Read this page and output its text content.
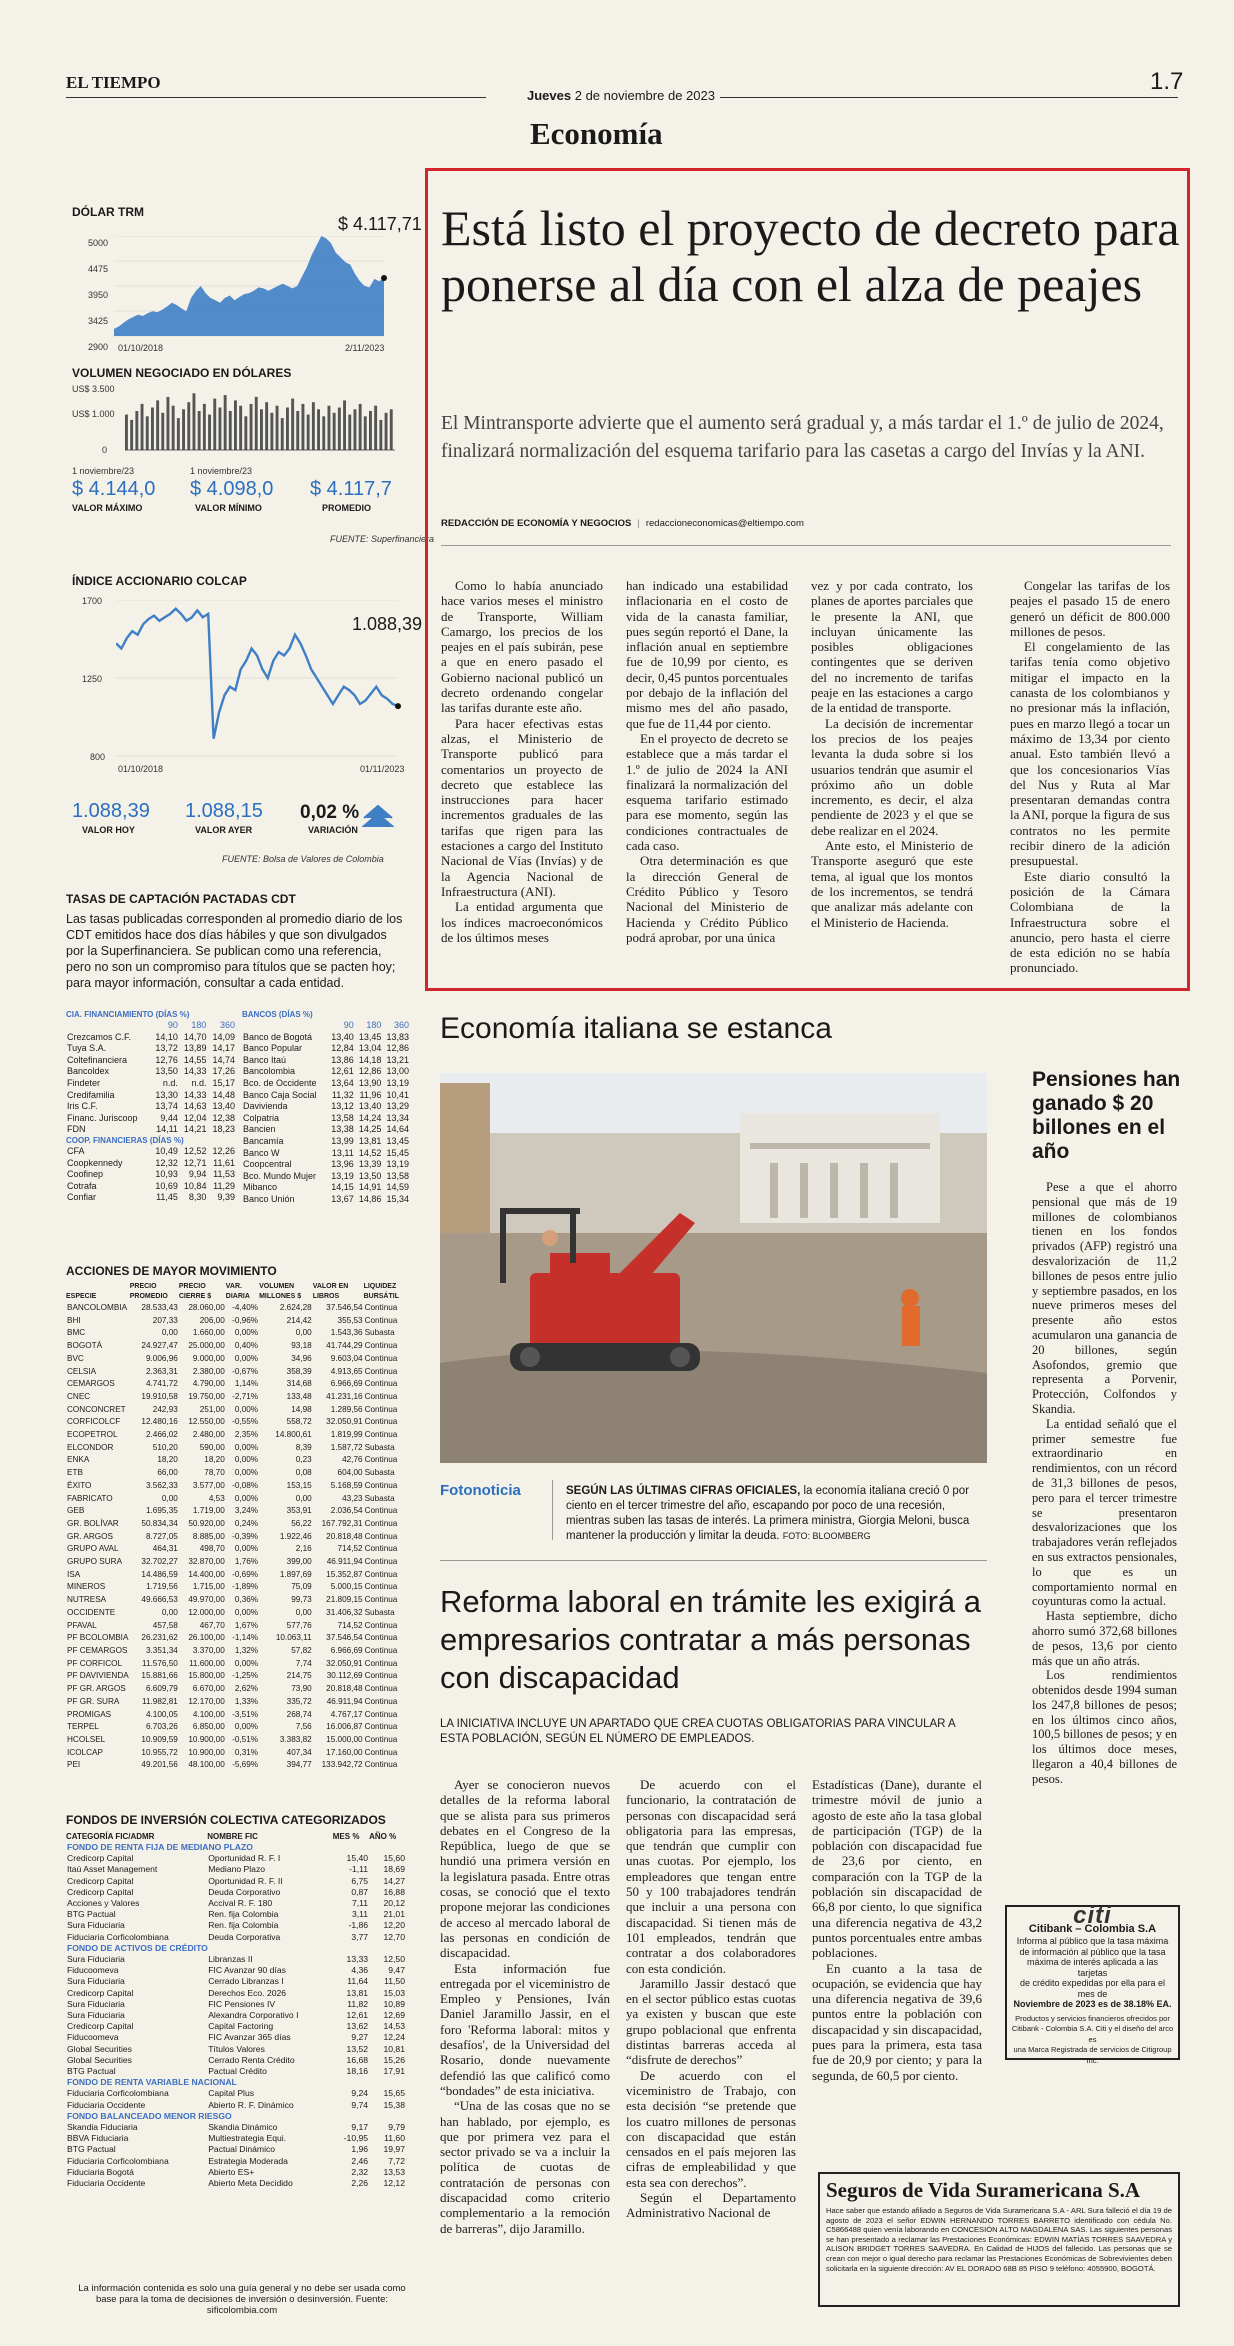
EL TIEMPO
Jueves 2 de noviembre de 2023
1.7
Economía
DÓLAR TRM
5000
4475
3950
3425
2900
$ 4.117,71
01/10/2018	2/11/2023
VOLUMEN NEGOCIADO EN DÓLARES
US$ 3.500
US$ 1.000
0
1 noviembre/23
$ 4.144,0
VALOR MÁXIMO
1 noviembre/23
$ 4.098,0
VALOR MÍNIMO
$ 4.117,7
PROMEDIO
FUENTE: Superfinanciera
ÍNDICE ACCIONARIO COLCAP
1700
1250
800
1.088,39
01/10/2018	01/11/2023
1.088,39
VALOR HOY
1.088,15
VALOR AYER
0,02 %
VARIACIÓN
FUENTE: Bolsa de Valores de Colombia
TASAS DE CAPTACIÓN PACTADAS CDT
Las tasas publicadas corresponden al promedio diario de los CDT emitidos hace dos días hábiles y que son divulgados por la Superfinanciera. Se publican como una referencia, pero no son un compromiso para títulos que se pacten hoy; para mayor información, consultar a cada entidad.
CIA. FINANCIAMIENTO (DÍAS %)			
	90	180	360
Crezcamos C.F.	14,10	14,70	14,09
Tuya S.A.	13,72	13,89	14,17
Coltefinanciera	12,76	14,55	14,74
Bancoldex	13,50	14,33	17,26
Findeter	n.d.	n.d.	15,17
Credifamilia	13,30	14,33	14,48
Iris C.F.	13,74	14,63	13,40
Financ. Juriscoop	9,44	12,04	12,38
FDN	14,11	14,21	18,23
COOP. FINANCIERAS (DÍAS %)			
CFA	10,49	12,52	12,26
Coopkennedy	12,32	12,71	11,61
Coofinep	10,93	9,94	11,53
Cotrafa	10,69	10,84	11,29
Confiar	11,45	8,30	9,39
BANCOS (DÍAS %)			
	90	180	360
Banco de Bogotá	13,40	13,45	13,83
Banco Popular	12,84	13,04	12,86
Banco Itaú	13,86	14,18	13,21
Bancolombia	12,61	12,86	13,00
Bco. de Occidente	13,64	13,90	13,19
Banco Caja Social	11,32	11,96	10,41
Davivienda	13,12	13,40	13,29
Colpatria	13,58	14,24	13,34
Bancien	13,38	14,25	14,64
Bancamía	13,99	13,81	13,45
Banco W	13,11	14,52	15,45
Coopcentral	13,96	13,39	13,19
Bco. Mundo Mujer	13,19	13,50	13,58
Mibanco	14,15	14,91	14,59
Banco Unión	13,67	14,86	15,34
ACCIONES DE MAYOR MOVIMIENTO
ESPECIE	PRECIO PROMEDIO	PRECIO CIERRE $	VAR. DIARIA	VOLUMEN MILLONES $	VALOR EN LIBROS	LIQUIDEZ BURSÁTIL
BANCOLOMBIA	28.533,43	28.060,00	-4,40%	2.624,28	37.546,54	Continua
BHI	207,33	206,00	-0,96%	214,42	355,53	Continua
BMC	0,00	1.660,00	0,00%	0,00	1.543,36	Subasta
BOGOTÁ	24.927,47	25.000,00	0,40%	93,18	41.744,29	Continua
BVC	9.006,96	9.000,00	0,00%	34,96	9.603,04	Continua
CELSIA	2.363,31	2.380,00	-0,67%	358,39	4.913,65	Continua
CEMARGOS	4.741,72	4.790,00	1,14%	314,68	6.966,69	Continua
CNEC	19.910,58	19.750,00	-2,71%	133,48	41.231,16	Continua
CONCONCRET	242,93	251,00	0,00%	14,98	1.289,56	Continua
CORFICOLCF	12.480,16	12.550,00	-0,55%	558,72	32.050,91	Continua
ECOPETROL	2.466,02	2.480,00	2,35%	14.800,61	1.819,99	Continua
ELCONDOR	510,20	590,00	0,00%	8,39	1.587,72	Subasta
ENKA	18,20	18,20	0,00%	0,23	42,76	Continua
ETB	66,00	78,70	0,00%	0,08	604,00	Subasta
ÉXITO	3.562,33	3.577,00	-0,08%	153,15	5.168,59	Continua
FABRICATO	0,00	4,53	0,00%	0,00	43,23	Subasta
GEB	1.695,35	1.719,00	3,24%	353,91	2.036,54	Continua
GR. BOLÍVAR	50.834,34	50.920,00	0,24%	56,22	167.792,31	Continua
GR. ARGOS	8.727,05	8.885,00	-0,39%	1.922,46	20.818,48	Continua
GRUPO AVAL	464,31	498,70	0,00%	2,16	714,52	Continua
GRUPO SURA	32.702,27	32.870,00	1,76%	399,00	46.911,94	Continua
ISA	14.486,59	14.400,00	-0,69%	1.897,69	15.352,87	Continua
MINEROS	1.719,56	1.715,00	-1,89%	75,09	5.000,15	Continua
NUTRESA	49.666,53	49.970,00	0,36%	99,73	21.809,15	Continua
OCCIDENTE	0,00	12.000,00	0,00%	0,00	31.406,32	Subasta
PFAVAL	457,58	467,70	1,67%	577,76	714,52	Continua
PF BCOLOMBIA	26.231,62	26.100,00	-1,14%	10.063,11	37.546,54	Continua
PF CEMARGOS	3.351,34	3.370,00	1,32%	57,82	6.966,69	Continua
PF CORFICOL	11.576,50	11.600,00	0,00%	7,74	32.050,91	Continua
PF DAVIVIENDA	15.881,66	15.800,00	-1,25%	214,75	30.112,69	Continua
PF GR. ARGOS	6.609,79	6.670,00	2,62%	73,90	20.818,48	Continua
PF GR. SURA	11.982,81	12.170,00	1,33%	335,72	46.911,94	Continua
PROMIGAS	4.100,05	4.100,00	-3,51%	268,74	4.767,17	Continua
TERPEL	6.703,26	6.850,00	0,00%	7,56	16.006,87	Continua
HCOLSEL	10.909,59	10.900,00	-0,51%	3.383,82	15.000,00	Continua
ICOLCAP	10.955,72	10.900,00	0,31%	407,34	17.160,00	Continua
PEI	49.201,56	48.100,00	-5,69%	394,77	133.942,72	Continua
FONDOS DE INVERSIÓN COLECTIVA CATEGORIZADOS
CATEGORÍA FIC/ADMR	NOMBRE FIC	MES %	AÑO %
FONDO DE RENTA FIJA DE MEDIANO PLAZO			
Credicorp Capital	Oportunidad R. F. I	15,40	15,60
Itaú Asset Management	Mediano Plazo	-1,11	18,69
Credicorp Capital	Oportunidad R. F. II	6,75	14,27
Credicorp Capital	Deuda Corporativo	0,87	16,88
Acciones y Valores	Accival R. F. 180	7,11	20,12
BTG Pactual	Ren. fija Colombia	3,11	21,01
Sura Fiduciaria	Ren. fija Colombia	-1,86	12,20
Fiduciaria Corficolombiana	Deuda Corporativa	3,77	12,70
FONDO DE ACTIVOS DE CRÉDITO			
Sura Fiduciaria	Libranzas II	13,33	12,50
Fiducoomeva	FIC Avanzar 90 días	4,36	9,47
Sura Fiduciaria	Cerrado Libranzas I	11,64	11,50
Credicorp Capital	Derechos Eco. 2026	13,81	15,03
Sura Fiduciaria	FIC Pensiones IV	11,82	10,89
Sura Fiduciaria	Alexandra Corporativo I	12,61	12,69
Credicorp Capital	Capital Factoring	13,62	14,53
Fiducoomeva	FIC Avanzar 365 días	9,27	12,24
Global Securities	Títulos Valores	13,52	10,81
Global Securities	Cerrado Renta Crédito	16,68	15,26
BTG Pactual	Pactual Crédito	18,16	17,91
FONDO DE RENTA VARIABLE NACIONAL			
Fiduciaria Corficolombiana	Capital Plus	9,24	15,65
Fiduciaria Occidente	Abierto R. F. Dinámico	9,74	15,38
FONDO BALANCEADO MENOR RIESGO			
Skandia Fiduciaria	Skandia Dinámico	9,17	9,79
BBVA Fiduciaria	Multiestrategia Equi.	-10,95	11,60
BTG Pactual	Pactual Dinámico	1,96	19,97
Fiduciaria Corficolombiana	Estrategia Moderada	2,46	7,72
Fiduciaria Bogotá	Abierto ES+	2,32	13,53
Fiduciaria Occidente	Abierto Meta Decidido	2,26	12,12
La información contenida es solo una guía general y no debe ser usada como base para la toma de decisiones de inversión o desinversión. Fuente: sificolombia.com
Está listo el proyecto de decreto para ponerse al día con el alza de peajes
El Mintransporte advierte que el aumento será gradual y, a más tardar el 1.º de julio de 2024, finalizará normalización del esquema tarifario para las casetas a cargo del Invías y la ANI.
REDACCIÓN DE ECONOMÍA Y NEGOCIOS | redaccioneconomicas@eltiempo.com
Como lo había anunciado hace varios meses el ministro de Transporte, William Camargo, los precios de los peajes en el país subirán, pese a que en enero pasado el Gobierno nacional publicó un decreto ordenando congelar las tarifas durante este año.
Para hacer efectivas estas alzas, el Ministerio de Transporte publicó para comentarios un proyecto de decreto que establece las instrucciones para hacer incrementos graduales de las tarifas que rigen para las estaciones a cargo del Instituto Nacional de Vías (Invías) y de la Agencia Nacional de Infraestructura (ANI).
La entidad argumenta que los índices macroeconómicos de los últimos meses
han indicado una estabilidad inflacionaria en el costo de vida de la canasta familiar, pues según reportó el Dane, la inflación anual en septiembre fue de 10,99 por ciento, es decir, 0,45 puntos porcentuales por debajo de la inflación del mismo mes del año pasado, que fue de 11,44 por ciento.
En el proyecto de decreto se establece que a más tardar el 1.º de julio de 2024 la ANI finalizará la normalización del esquema tarifario estimado para ese momento, según las condiciones contractuales de cada caso.
Otra determinación es que la dirección General de Crédito Público y Tesoro Nacional del Ministerio de Hacienda y Crédito Público podrá aprobar, por una única
vez y por cada contrato, los planes de aportes parciales que le presente la ANI, que incluyan únicamente las posibles obligaciones contingentes que se deriven del no incremento de tarifas peaje en las estaciones a cargo de la entidad de transporte.
La decisión de incrementar los precios de los peajes levanta la duda sobre si los usuarios tendrán que asumir el próximo año un doble incremento, es decir, el alza pendiente de 2023 y el que se debe realizar en el 2024.
Ante esto, el Ministerio de Transporte aseguró que este tema, al igual que los montos de los incrementos, se tendrá que analizar más adelante con el Ministerio de Hacienda.
Congelar las tarifas de los peajes el pasado 15 de enero generó un déficit de 800.000 millones de pesos.
El congelamiento de las tarifas tenía como objetivo mitigar el impacto en la canasta de los colombianos y no presionar más la inflación, pues en marzo llegó a tocar un máximo de 13,34 por ciento anual. Esto también llevó a que los concesionarios Vías del Nus y Ruta al Mar presentaran demandas contra la ANI, porque la figura de sus contratos no les permite recibir dinero de la adición presupuestal.
Este diario consultó la posición de la Cámara Colombiana de la Infraestructura sobre el anuncio, pero hasta el cierre de esta edición no se había pronunciado.
Economía italiana se estanca
Fotonoticia	SEGÚN LAS ÚLTIMAS CIFRAS OFICIALES, la economía italiana creció 0 por ciento en el tercer trimestre del año, escapando por poco de una recesión, mientras suben las tasas de interés. La primera ministra, Giorgia Meloni, busca mantener la producción y limitar la deuda. FOTO: BLOOMBERG
Reforma laboral en trámite les exigirá a empresarios contratar a más personas con discapacidad
LA INICIATIVA INCLUYE UN APARTADO QUE CREA CUOTAS OBLIGATORIAS PARA VINCULAR A ESTA POBLACIÓN, SEGÚN EL NÚMERO DE EMPLEADOS.
Ayer se conocieron nuevos detalles de la reforma laboral que se alista para sus primeros debates en el Congreso de la República, luego de que se hundió una primera versión en la legislatura pasada. Entre otras cosas, se conoció que el texto propone mejorar las condiciones de acceso al mercado laboral de las personas en condición de discapacidad.
Esta información fue entregada por el viceministro de Empleo y Pensiones, Iván Daniel Jaramillo Jassir, en el foro 'Reforma laboral: mitos y desafíos', de la Universidad del Rosario, donde nuevamente defendió las que calificó como “bondades” de esta iniciativa.
“Una de las cosas que no se han hablado, por ejemplo, es que por primera vez para el sector privado se va a incluir la política de cuotas de contratación de personas con discapacidad como criterio complementario a la remoción de barreras”, dijo Jaramillo.
De acuerdo con el funcionario, la contratación de personas con discapacidad será obligatoria para las empresas, que tendrán que cumplir con unas cuotas. Por ejemplo, los empleadores que tengan entre 50 y 100 trabajadores tendrán que incluir a una persona con discapacidad. Si tienen más de 101 empleados, tendrán que contratar a dos colaboradores con esta condición.
Jaramillo Jassir destacó que en el sector público estas cuotas ya existen y buscan que este grupo poblacional que enfrenta distintas barreras acceda al “disfrute de derechos”
De acuerdo con el viceministro de Trabajo, con esta decisión “se pretende que los cuatro millones de personas con discapacidad que están censados en el país mejoren las cifras de empleabilidad y que esta sea con derechos”.
Según el Departamento Administrativo Nacional de
Estadísticas (Dane), durante el trimestre móvil de junio a agosto de este año la tasa global de participación (TGP) de la población con discapacidad fue de 23,6 por ciento, en comparación con la TGP de la población sin discapacidad de 66,8 por ciento, lo que significa una diferencia negativa de 43,2 puntos porcentuales entre ambas poblaciones.
En cuanto a la tasa de ocupación, se evidencia que hay una diferencia negativa de 39,6 puntos entre la población con discapacidad y sin discapacidad, pues para la primera, esta tasa fue de 20,9 por ciento; y para la segunda, de 60,5 por ciento.
Pensiones han ganado $ 20 billones en el año
Pese a que el ahorro pensional que más de 19 millones de colombianos tienen en los fondos privados (AFP) registró una desvalorización de 11,2 billones de pesos entre julio y septiembre pasados, en los nueve primeros meses del presente año estos acumularon una ganancia de 20 billones, según Asofondos, gremio que representa a Porvenir, Protección, Colfondos y Skandia.
La entidad señaló que el primer semestre fue extraordinario en rendimientos, con un récord de 31,3 billones de pesos, pero para el tercer trimestre se presentaron desvalorizaciones que los trabajadores verán reflejados en sus extractos pensionales, lo que es un comportamiento normal en coyunturas como la actual.
Hasta septiembre, dicho ahorro sumó 372,68 billones de pesos, 13,6 por ciento más que un año atrás.
Los rendimientos obtenidos desde 1994 suman los 247,8 billones de pesos; en los últimos cinco años, 100,5 billones de pesos; y en los últimos doce meses, llegaron a 40,4 billones de pesos.
citi
Citibank – Colombia S.A
Informa al público que la tasa máxima
de información al público que la tasa
máxima de interés aplicada a las tarjetas
de crédito expedidas por ella para el mes de
Noviembre de 2023 es de 38.18% EA.
Productos y servicios financieros ofrecidos por
Citibank - Colombia S.A. Citi y el diseño del arco es
una Marca Registrada de servicios de Citigroup Inc.
Seguros de Vida Suramericana S.A
Hace saber que estando afiliado a Seguros de Vida Suramericana S.A - ARL Sura falleció el día 19 de agosto de 2023 el señor EDWIN HERNANDO TORRES BARRETO identificado con cédula No. C5866488 quien venía laborando en CONCESIÓN ALTO MAGDALENA SAS. Las siguientes personas se han presentado a reclamar las Prestaciones Económicas: EDWIN MATÍAS TORRES SAAVEDRA y ALISON BRIDGET TORRES SAAVEDRA. En Calidad de HIJOS del fallecido. Las personas que se crean con mejor o igual derecho para reclamar las Prestaciones Económicas de Sobrevivientes deben solicitarla en la siguiente dirección: AV EL DORADO 68B 85 PISO 9 teléfono: 4055900, BOGOTÁ.
